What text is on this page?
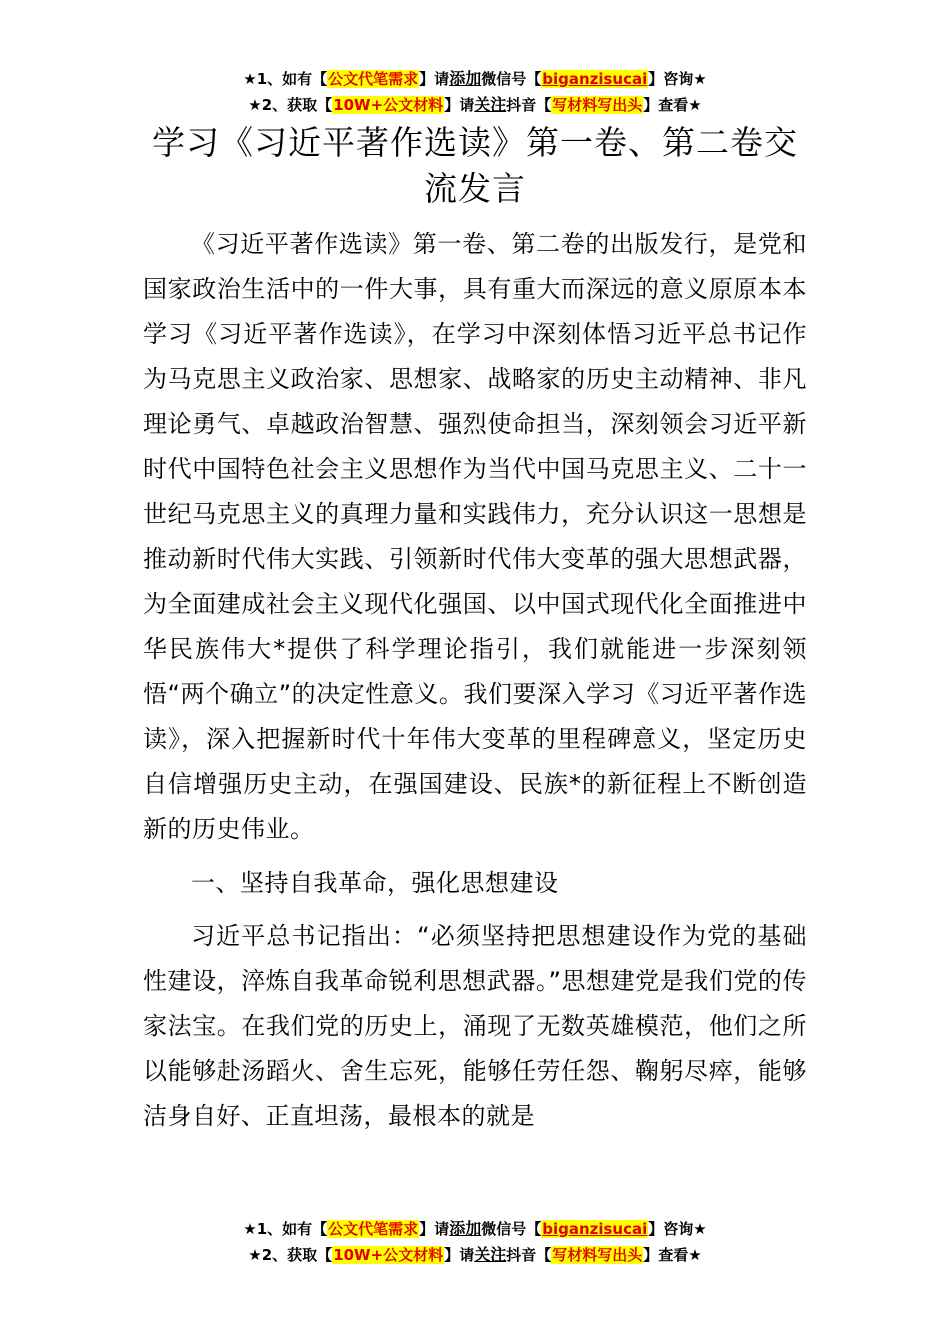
★1、如有【公文代笔需求】请添加微信号【biganzisucai】咨询★
★2、获取【10W+公文材料】请关注抖音【写材料写出头】查看★
学习《习近平著作选读》第一卷、第二卷交
流发言

《习近平著作选读》第一卷、第二卷的出版发行，是党和国家政治生活中的一件大事，具有重大而深远的意义原原本本学习《习近平著作选读》，在学习中深刻体悟习近平总书记作为马克思主义政治家、思想家、战略家的历史主动精神、非凡理论勇气、卓越政治智慧、强烈使命担当，深刻领会习近平新时代中国特色社会主义思想作为当代中国马克思主义、二十一世纪马克思主义的真理力量和实践伟力，充分认识这一思想是推动新时代伟大实践、引领新时代伟大变革的强大思想武器，为全面建成社会主义现代化强国、以中国式现代化全面推进中华民族伟大*提供了科学理论指引，我们就能进一步深刻领悟“两个确立”的决定性意义。我们要深入学习《习近平著作选读》，深入把握新时代十年伟大变革的里程碑意义，坚定历史自信增强历史主动，在强国建设、民族*的新征程上不断创造新的历史伟业。

一、坚持自我革命，强化思想建设

习近平总书记指出：“必须坚持把思想建设作为党的基础性建设，淬炼自我革命锐利思想武器。”思想建党是我们党的传家法宝。在我们党的历史上，涌现了无数英雄模范，他们之所以能够赴汤蹈火、舍生忘死，能够任劳任怨、鞠躬尽瘁，能够洁身自好、正直坦荡，最根本的就是

★1、如有【公文代笔需求】请添加微信号【biganzisucai】咨询★
★2、获取【10W+公文材料】请关注抖音【写材料写出头】查看★
